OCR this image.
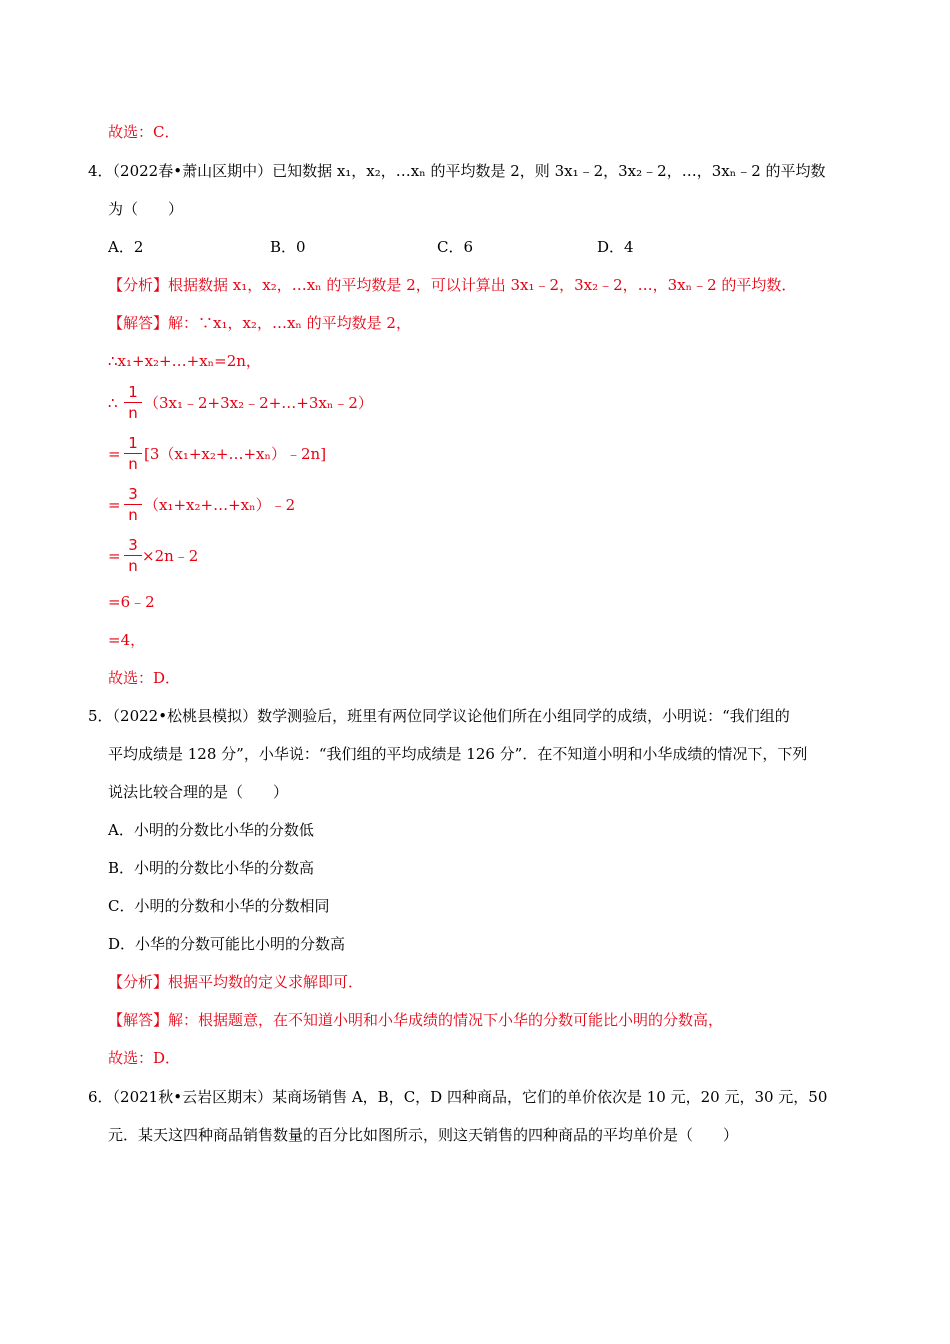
故选：C．
4．（2022春•萧山区期中）已知数据 x₁，x₂，…xₙ 的平均数是 2，则 3x₁﹣2，3x₂﹣2，…，3xₙ﹣2 的平均数
为（　　）
A．2	B．0	C．6	D．4
【分析】根据数据 x₁，x₂，…xₙ 的平均数是 2，可以计算出 3x₁﹣2，3x₂﹣2，…，3xₙ﹣2 的平均数．
【解答】解：∵x₁，x₂，…xₙ 的平均数是 2，
∴x₁+x₂+…+xₙ=2n，
∴ $\frac{1}{n}$ （3x₁﹣2+3x₂﹣2+…+3xₙ﹣2）
= $\frac{1}{n}$ [3（x₁+x₂+…+xₙ）﹣2n]
= $\frac{3}{n}$ （x₁+x₂+…+xₙ）﹣2
= $\frac{3}{n}$ ×2n﹣2
=6﹣2
=4，
故选：D．
5．（2022•松桃县模拟）数学测验后，班里有两位同学议论他们所在小组同学的成绩，小明说：“我们组的
平均成绩是 128 分”，小华说：“我们组的平均成绩是 126 分”．在不知道小明和小华成绩的情况下，下列
说法比较合理的是（　　）
A．小明的分数比小华的分数低
B．小明的分数比小华的分数高
C．小明的分数和小华的分数相同
D．小华的分数可能比小明的分数高
【分析】根据平均数的定义求解即可．
【解答】解：根据题意，在不知道小明和小华成绩的情况下小华的分数可能比小明的分数高，
故选：D．
6．（2021秋•云岩区期末）某商场销售 A，B，C，D 四种商品，它们的单价依次是 10 元，20 元，30 元，50
元．某天这四种商品销售数量的百分比如图所示，则这天销售的四种商品的平均单价是（　　）
